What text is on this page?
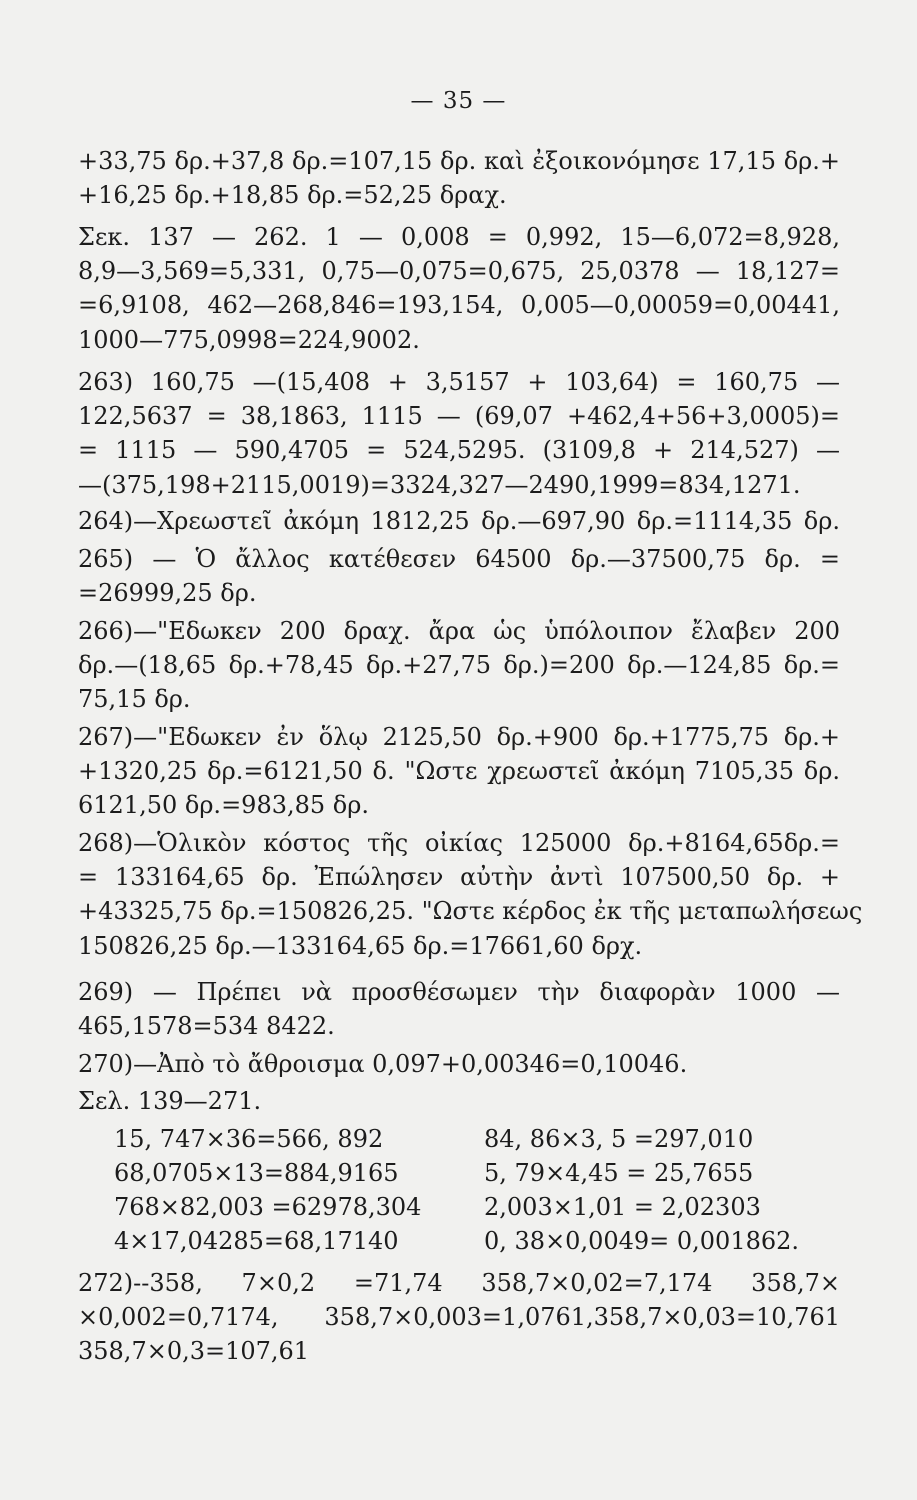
— 35 —
+33,75 δρ.+37,8 δρ.=107,15 δρ. καὶ ἐξοικονόμησε 17,15 δρ.+
+16,25 δρ.+18,85 δρ.=52,25 δραχ.
Σεκ. 137 — 262. 1 — 0,008 = 0,992, 15—6,072=8,928,
8,9—3,569=5,331, 0,75—0,075=0,675, 25,0378 — 18,127=
=6,9108, 462—268,846=193,154, 0,005—0,00059=0,00441,
1000—775,0998=224,9002.
263) 160,75 —(15,408 + 3,5157 + 103,64) = 160,75 —
122,5637 = 38,1863, 1115 — (69,07 +462,4+56+3,0005)=
= 1115 — 590,4705 = 524,5295. (3109,8 + 214,527) —
—(375,198+2115,0019)=3324,327—2490,1999=834,1271.
264)—Χρεωστεῖ ἀκόμη 1812,25 δρ.—697,90 δρ.=1114,35 δρ.
265) — Ὁ ἄλλος κατέθεσεν 64500 δρ.—37500,75 δρ. =
=26999,25 δρ.
266)—"Εδωκεν 200 δραχ. ἄρα ὡς ὑπόλοιπον ἔλαβεν 200
δρ.—(18,65 δρ.+78,45 δρ.+27,75 δρ.)=200 δρ.—124,85 δρ.=
75,15 δρ.
267)—"Εδωκεν ἐν ὅλῳ 2125,50 δρ.+900 δρ.+1775,75 δρ.+
+1320,25 δρ.=6121,50 δ. "Ωστε χρεωστεῖ ἀκόμη 7105,35 δρ.
6121,50 δρ.=983,85 δρ.
268)—Ὁλικὸν κόστος τῆς οἰκίας 125000 δρ.+8164,65δρ.=
= 133164,65 δρ. Ἐπώλησεν αὐτὴν ἀντὶ 107500,50 δρ. +
+43325,75 δρ.=150826,25. "Ωστε κέρδος ἐκ τῆς μεταπωλήσεως
150826,25 δρ.—133164,65 δρ.=17661,60 δρχ.
269) — Πρέπει νὰ προσθέσωμεν τὴν διαφορὰν 1000 —
465,1578=534 8422.
270)—Ἀπὸ τὸ ἄθροισμα 0,097+0,00346=0,10046.
Σελ. 139—271.
15, 747×36=566, 892	84, 86×3, 5 =297,010
68,0705×13=884,9165	5, 79×4,45 = 25,7655
768×82,003 =62978,304	2,003×1,01 = 2,02303
4×17,04285=68,17140	0, 38×0,0049= 0,001862.
272)--358, 7×0,2 =71,74 358,7×0,02=7,174 358,7×
×0,002=0,7174, 358,7×0,003=1,0761,358,7×0,03=10,761
358,7×0,3=107,61
